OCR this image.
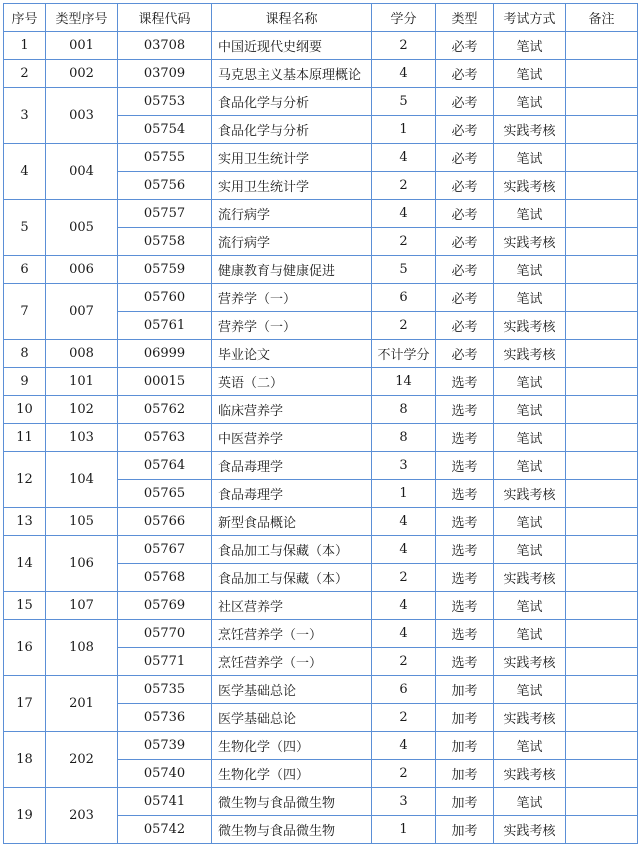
序号	类型序号	课程代码	课程名称	学分	类型	考试方式	备注
1	001	03708	中国近现代史纲要	2	必考	笔试	
2	002	03709	马克思主义基本原理概论	4	必考	笔试	
3	003	05753	食品化学与分析	5	必考	笔试	
		05754	食品化学与分析	1	必考	实践考核	
4	004	05755	实用卫生统计学	4	必考	笔试	
		05756	实用卫生统计学	2	必考	实践考核	
5	005	05757	流行病学	4	必考	笔试	
		05758	流行病学	2	必考	实践考核	
6	006	05759	健康教育与健康促进	5	必考	笔试	
7	007	05760	营养学（一）	6	必考	笔试	
		05761	营养学（一）	2	必考	实践考核	
8	008	06999	毕业论文	不计学分	必考	实践考核	
9	101	00015	英语（二）	14	选考	笔试	
10	102	05762	临床营养学	8	选考	笔试	
11	103	05763	中医营养学	8	选考	笔试	
12	104	05764	食品毒理学	3	选考	笔试	
		05765	食品毒理学	1	选考	实践考核	
13	105	05766	新型食品概论	4	选考	笔试	
14	106	05767	食品加工与保藏（本）	4	选考	笔试	
		05768	食品加工与保藏（本）	2	选考	实践考核	
15	107	05769	社区营养学	4	选考	笔试	
16	108	05770	烹饪营养学（一）	4	选考	笔试	
		05771	烹饪营养学（一）	2	选考	实践考核	
17	201	05735	医学基础总论	6	加考	笔试	
		05736	医学基础总论	2	加考	实践考核	
18	202	05739	生物化学（四）	4	加考	笔试	
		05740	生物化学（四）	2	加考	实践考核	
19	203	05741	微生物与食品微生物	3	加考	笔试	
		05742	微生物与食品微生物	1	加考	实践考核	
